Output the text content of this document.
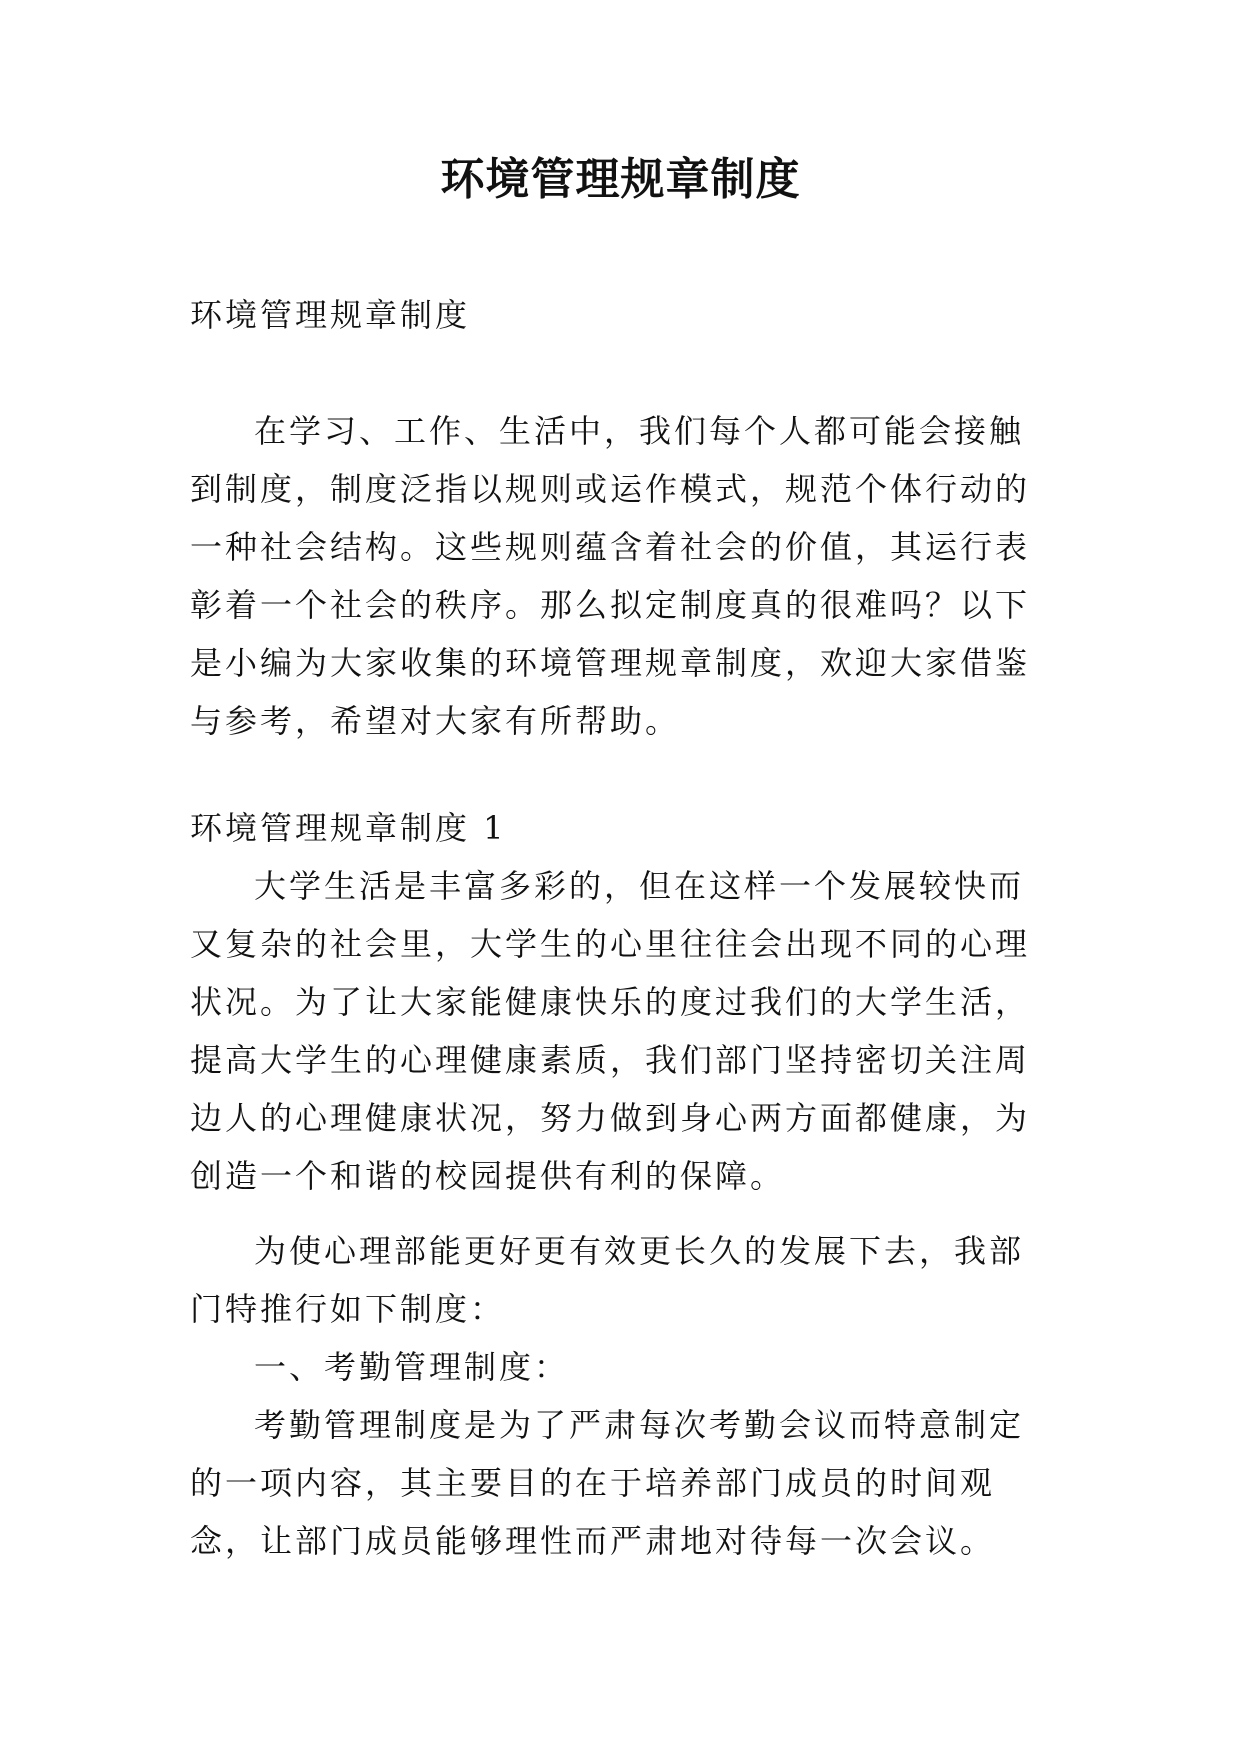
环境管理规章制度

环境管理规章制度

在学习、工作、生活中，我们每个人都可能会接触到制度，制度泛指以规则或运作模式，规范个体行动的一种社会结构。这些规则蕴含着社会的价值，其运行表彰着一个社会的秩序。那么拟定制度真的很难吗？以下是小编为大家收集的环境管理规章制度，欢迎大家借鉴与参考，希望对大家有所帮助。

环境管理规章制度 1

大学生活是丰富多彩的，但在这样一个发展较快而又复杂的社会里，大学生的心里往往会出现不同的心理状况。为了让大家能健康快乐的度过我们的大学生活，提高大学生的心理健康素质，我们部门坚持密切关注周边人的心理健康状况，努力做到身心两方面都健康，为创造一个和谐的校园提供有利的保障。

为使心理部能更好更有效更长久的发展下去，我部门特推行如下制度：

一、考勤管理制度：

考勤管理制度是为了严肃每次考勤会议而特意制定的一项内容，其主要目的在于培养部门成员的时间观念，让部门成员能够理性而严肃地对待每一次会议。
